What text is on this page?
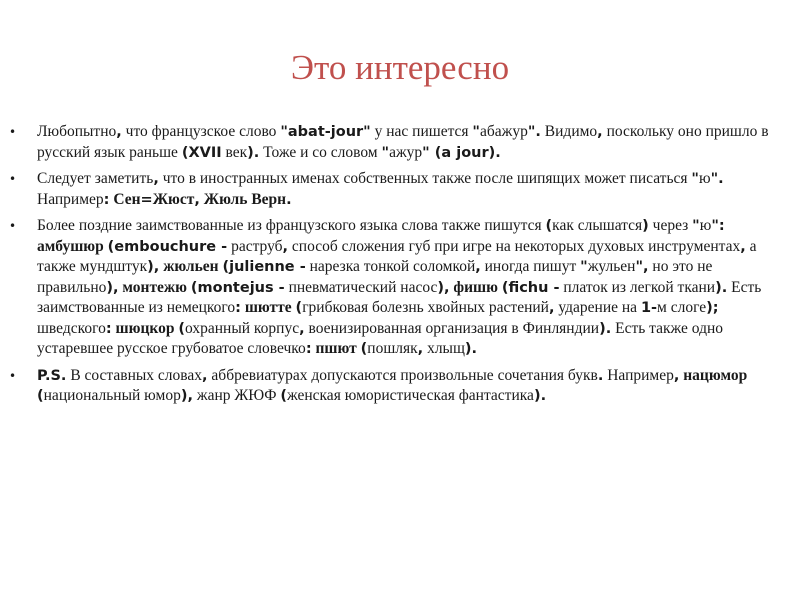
Это интересно
• Любопытно, что французское слово "abat-jour" у нас пишется "абажур". Видимо, поскольку оно пришло в русский язык раньше (XVII век). Тоже и со словом "ажур" (a jour).
• Следует заметить, что в иностранных именах собственных также после шипящих может писаться "ю". Например: Сен=Жюст, Жюль Верн.
• Более поздние заимствованные из французского языка слова также пишутся (как слышатся) через "ю": амбушюр (embouchure - раструб, способ сложения губ при игре на некоторых духовых инструментах, а также мундштук), жюльен (julienne - нарезка тонкой соломкой, иногда пишут "жульен", но это не правильно), монтежю (montejus - пневматический насос), фишю (fichu - платок из легкой ткани). Есть заимствованные из немецкого: шютте (грибковая болезнь хвойных растений, ударение на 1-м слоге); шведского: шюцкор (охранный корпус, военизированная организация в Финляндии). Есть также одно устаревшее русское грубоватое словечко: пшют (пошляк, хлыщ).
• P.S. В составных словах, аббревиатурах допускаются произвольные сочетания букв. Например, нацюмор (национальный юмор), жанр ЖЮФ (женская юмористическая фантастика).
